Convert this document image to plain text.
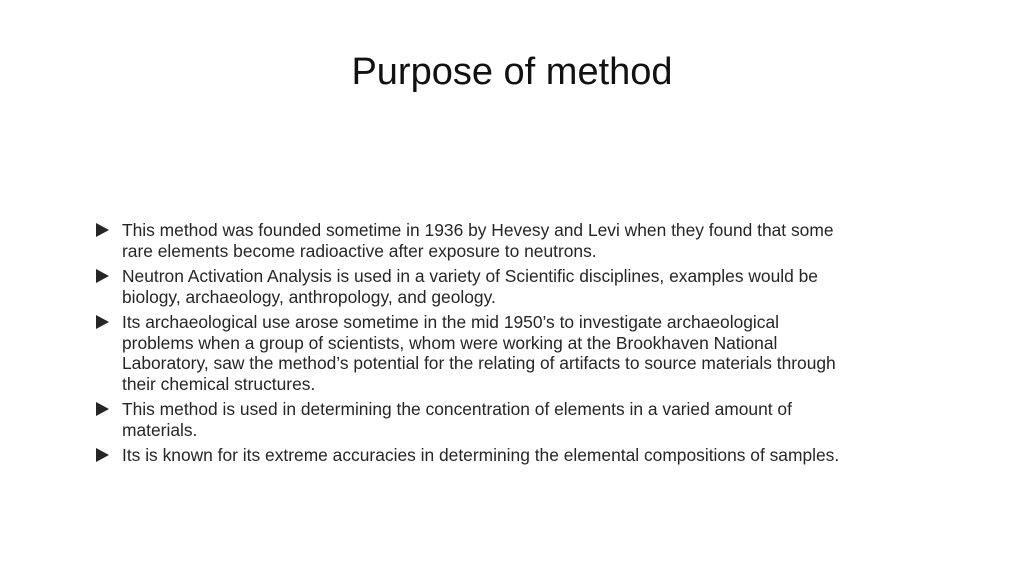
Purpose of method
This method was founded sometime in 1936 by Hevesy and Levi when they found that some rare elements become radioactive after exposure to neutrons.
Neutron Activation Analysis is used in a variety of Scientific disciplines, examples would be biology, archaeology, anthropology, and geology.
Its archaeological use arose sometime in the mid 1950’s to investigate archaeological problems when a group of scientists, whom were working at the Brookhaven National Laboratory, saw the method’s potential for the relating of artifacts to source materials through their chemical structures.
This method is used in determining the concentration of elements in a varied amount of materials.
Its is known for its extreme accuracies in determining the elemental compositions of samples.
